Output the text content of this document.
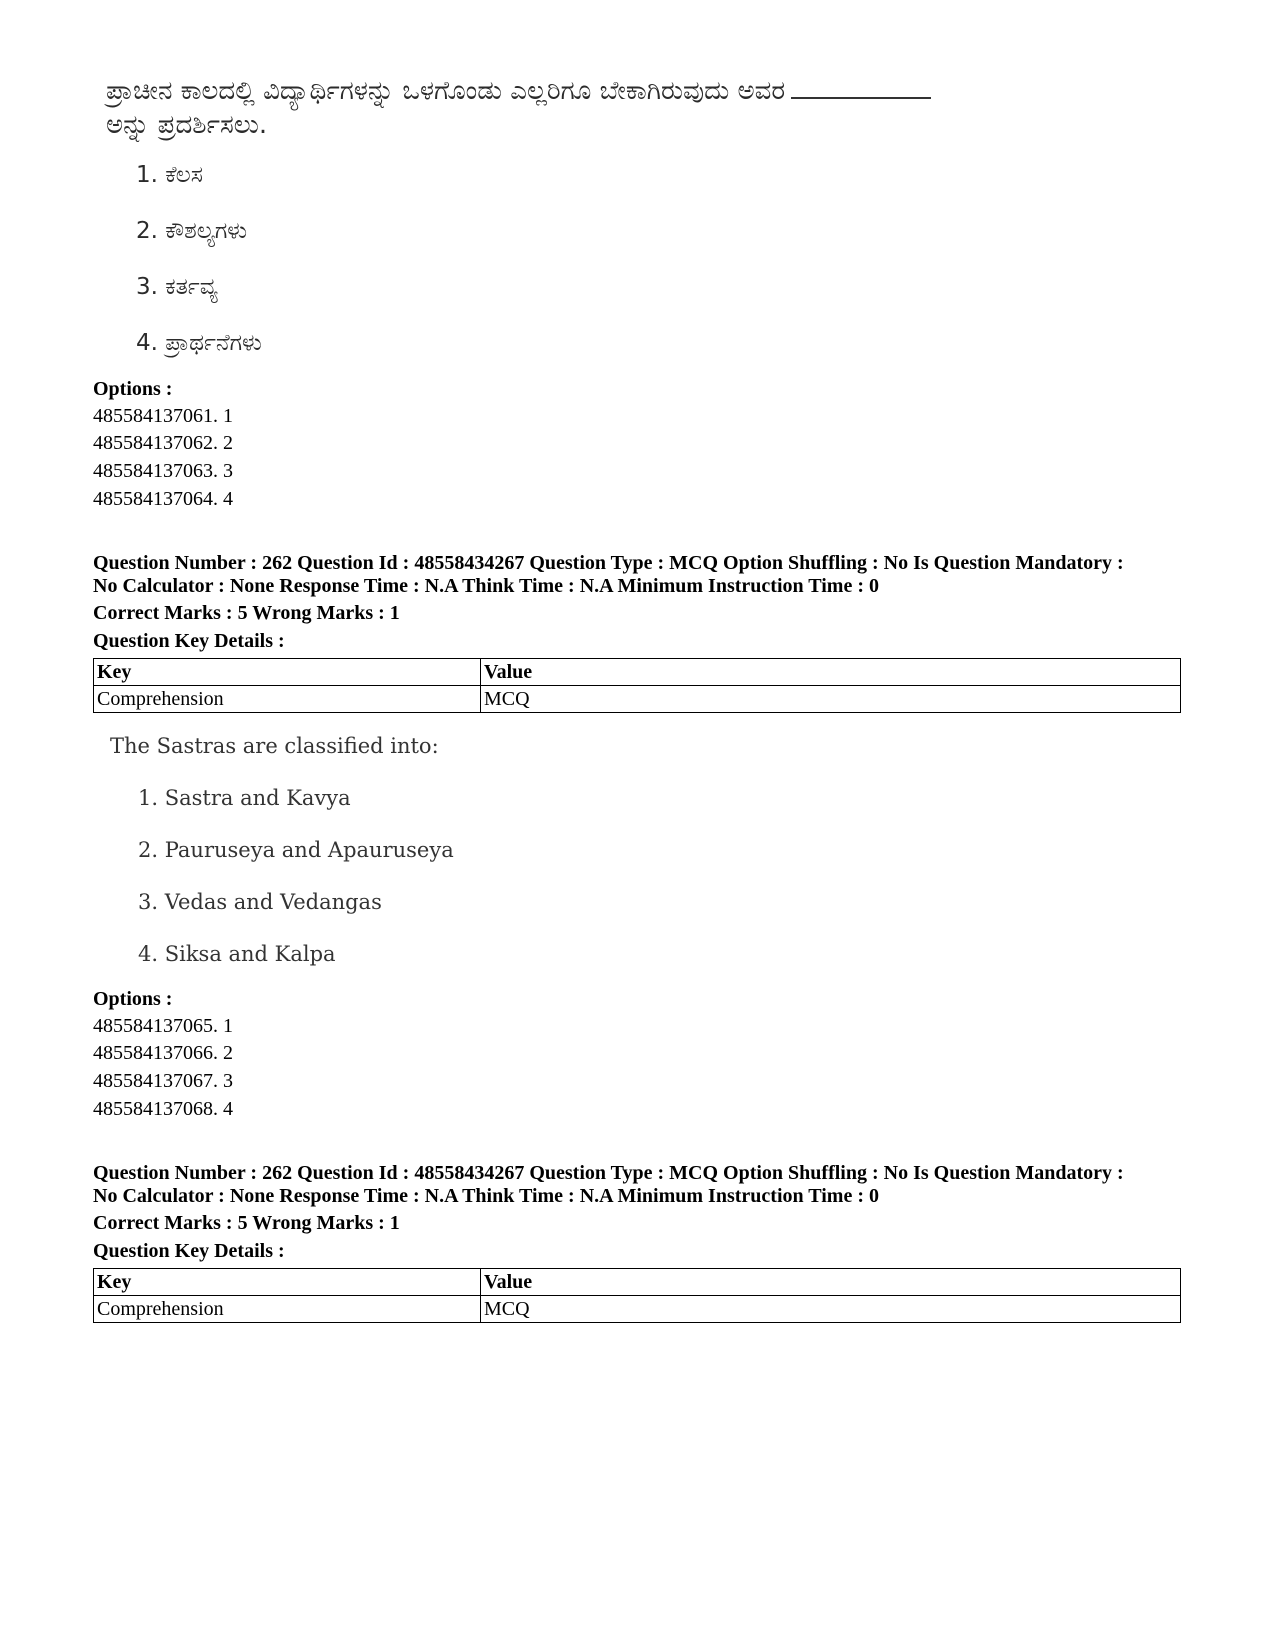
ಪ್ರಾಚೀನ ಕಾಲದಲ್ಲಿ ವಿದ್ಯಾರ್ಥಿಗಳನ್ನು ಒಳಗೊಂಡು ಎಲ್ಲರಿಗೂ ಬೇಕಾಗಿರುವುದು ಅವರ
ಅನ್ನು ಪ್ರದರ್ಶಿಸಲು.
1. ಕೆಲಸ
2. ಕೌಶಲ್ಯಗಳು
3. ಕರ್ತವ್ಯ
4. ಪ್ರಾರ್ಥನೆಗಳು
Options :
485584137061. 1
485584137062. 2
485584137063. 3
485584137064. 4
Question Number : 262 Question Id : 48558434267 Question Type : MCQ Option Shuffling : No Is Question Mandatory :
No Calculator : None Response Time : N.A Think Time : N.A Minimum Instruction Time : 0
Correct Marks : 5 Wrong Marks : 1
Question Key Details :
Key	Value
Comprehension	MCQ
The Sastras are classified into:
1. Sastra and Kavya
2. Pauruseya and Apauruseya
3. Vedas and Vedangas
4. Siksa and Kalpa
Options :
485584137065. 1
485584137066. 2
485584137067. 3
485584137068. 4
Question Number : 262 Question Id : 48558434267 Question Type : MCQ Option Shuffling : No Is Question Mandatory :
No Calculator : None Response Time : N.A Think Time : N.A Minimum Instruction Time : 0
Correct Marks : 5 Wrong Marks : 1
Question Key Details :
Key	Value
Comprehension	MCQ
